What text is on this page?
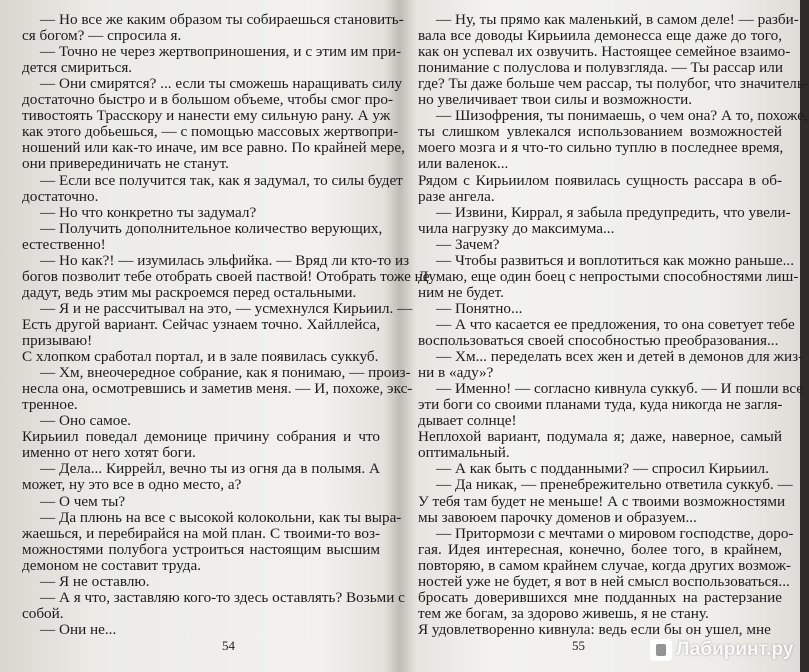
— Но все же каким образом ты собираешься становить-
ся богом? — спросила я.
— Точно не через жертвоприношения, и с этим им при-
дется смириться.
— Они смирятся? ... если ты сможешь наращивать силу
достаточно быстро и в большом объеме, чтобы смог про-
тивостоять Трасскору и нанести ему сильную рану. А уж
как этого добьешься, — с помощью массовых жертвопри-
ношений или как-то иначе, им все равно. По крайней мере,
они приверединичать не станут.
— Если все получится так, как я задумал, то силы будет
достаточно.
— Но что конкретно ты задумал?
— Получить дополнительное количество верующих,
естественно!
— Но как?! — изумилась эльфийка. — Вряд ли кто-то из
богов позволит тебе отобрать своей паствой! Отобрать тоже не
дадут, ведь этим мы раскроемся перед остальными.
— Я и не рассчитывал на это, — усмехнулся Кирьиил. —
Есть другой вариант. Сейчас узнаем точно. Хайллейса,
призываю!
С хлопком сработал портал, и в зале появилась суккуб.
— Хм, внеочередное собрание, как я понимаю, — произ-
несла она, осмотревшись и заметив меня. — И, похоже, экс-
тренное.
— Оно самое.
Кирьиил поведал демонице причину собрания и что
именно от него хотят боги.
— Дела... Киррейл, вечно ты из огня да в полымя. А
может, ну это все в одно место, а?
— О чем ты?
— Да плюнь на все с высокой колокольни, как ты выра-
жаешься, и перебирайся на мой план. С твоими-то воз-
можностями полубога устроиться настоящим высшим
демоном не составит труда.
— Я не оставлю.
— А я что, заставляю кого-то здесь оставлять? Возьми с
собой.
— Они не...
— Ну, ты прямо как маленький, в самом деле! — разби-
вала все доводы Кирьиила демонесса еще даже до того,
как он успевал их озвучить. Настоящее семейное взаимо-
понимание с полуслова и полувзгляда. — Ты рассар или
где? Ты даже больше чем рассар, ты полубог, что значитель-
но увеличивает твои силы и возможности.
— Шизофрения, ты понимаешь, о чем она? А то, похоже,
ты слишком увлекался использованием возможностей
моего мозга и я что-то сильно туплю в последнее время,
или валенок...
Рядом с Кирьиилом появилась сущность рассара в об-
разе ангела.
— Извини, Киррал, я забыла предупредить, что увели-
чила нагрузку до максимума...
— Зачем?
— Чтобы развиться и воплотиться как можно раньше...
Думаю, еще один боец с непростыми способностями лиш-
ним не будет.
— Понятно...
— А что касается ее предложения, то она советует тебе
воспользоваться своей способностью преобразования...
— Хм... переделать всех жен и детей в демонов для жиз-
ни в «аду»?
— Именно! — согласно кивнула суккуб. — И пошли все
эти боги со своими планами туда, куда никогда не загля-
дывает солнце!
Неплохой вариант, подумала я; даже, наверное, самый
оптимальный.
— А как быть с подданными? — спросил Кирьиил.
— Да никак, — пренебрежительно ответила суккуб. —
У тебя там будет не меньше! А с твоими возможностями
мы завоюем парочку доменов и образуем...
— Притормози с мечтами о мировом господстве, доро-
гая. Идея интересная, конечно, более того, в крайнем,
повторяю, в самом крайнем случае, когда других возмож-
ностей уже не будет, я вот в ней смысл воспользоваться...
бросать доверившихся мне подданных на растерзание
тем же богам, за здорово живешь, я не стану.
Я удовлетворенно кивнула: ведь если бы он ушел, мне
54	55	Лабиринт.ру
